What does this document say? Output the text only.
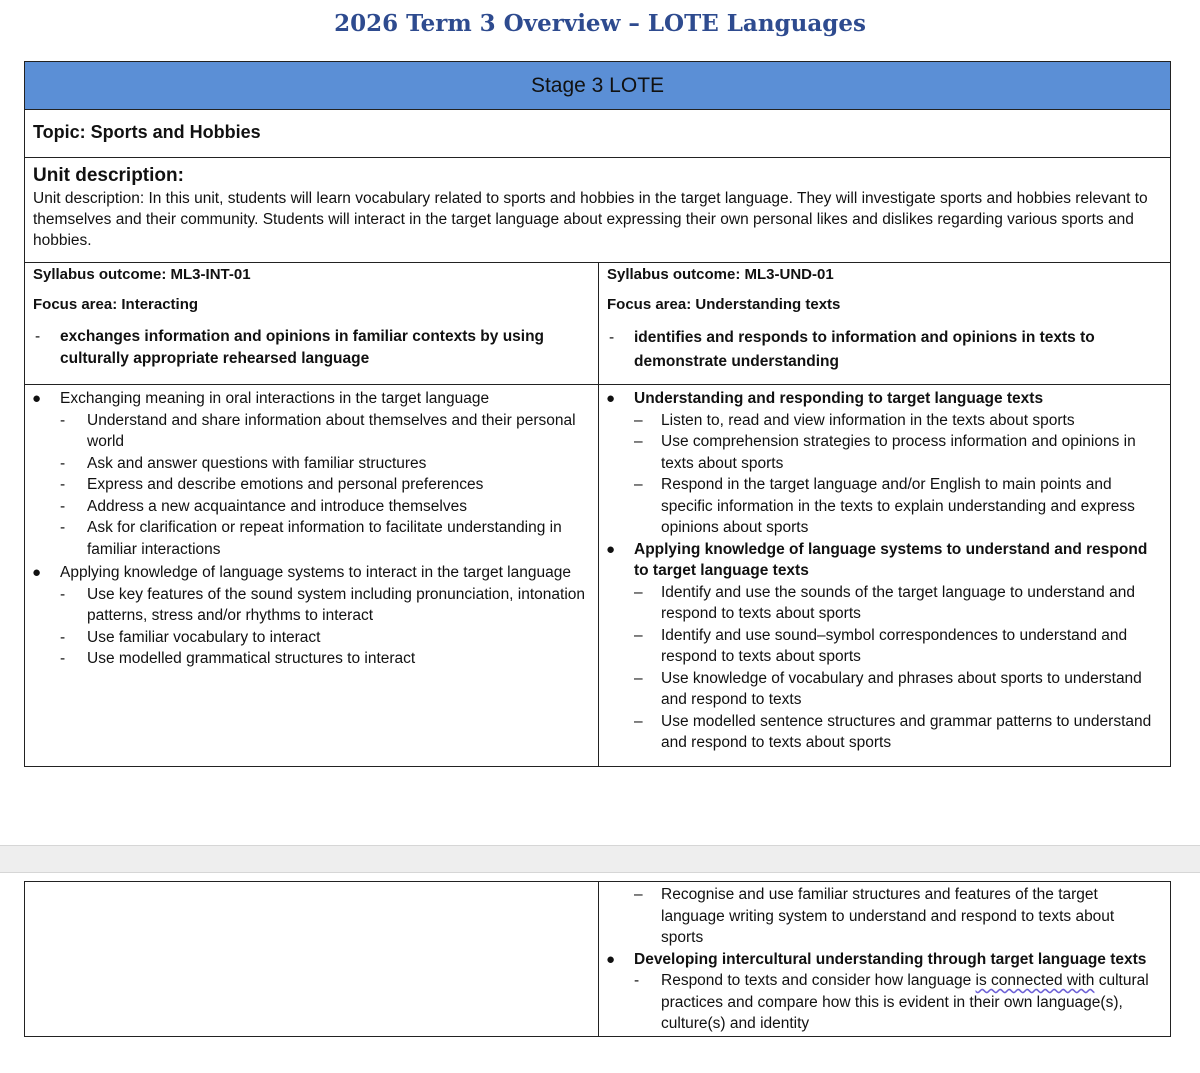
2026 Term 3 Overview – LOTE Languages
Stage 3 LOTE
Topic: Sports and Hobbies
Unit description:
Unit description: In this unit, students will learn vocabulary related to sports and hobbies in the target language. They will investigate sports and hobbies relevant to themselves and their community. Students will interact in the target language about expressing their own personal likes and dislikes regarding various sports and hobbies.
Syllabus outcome: ML3-INT-01
Focus area: Interacting
- exchanges information and opinions in familiar contexts by using culturally appropriate rehearsed language
Syllabus outcome: ML3-UND-01
Focus area: Understanding texts
- identifies and responds to information and opinions in texts to demonstrate understanding
● Exchanging meaning in oral interactions in the target language
- Understand and share information about themselves and their personal world
- Ask and answer questions with familiar structures
- Express and describe emotions and personal preferences
- Address a new acquaintance and introduce themselves
- Ask for clarification or repeat information to facilitate understanding in familiar interactions
● Applying knowledge of language systems to interact in the target language
- Use key features of the sound system including pronunciation, intonation patterns, stress and/or rhythms to interact
- Use familiar vocabulary to interact
- Use modelled grammatical structures to interact
● Understanding and responding to target language texts
– Listen to, read and view information in the texts about sports
– Use comprehension strategies to process information and opinions in texts about sports
– Respond in the target language and/or English to main points and specific information in the texts to explain understanding and express opinions about sports
● Applying knowledge of language systems to understand and respond to target language texts
– Identify and use the sounds of the target language to understand and respond to texts about sports
– Identify and use sound–symbol correspondences to understand and respond to texts about sports
– Use knowledge of vocabulary and phrases about sports to understand and respond to texts
– Use modelled sentence structures and grammar patterns to understand and respond to texts about sports
– Recognise and use familiar structures and features of the target language writing system to understand and respond to texts about sports
● Developing intercultural understanding through target language texts
- Respond to texts and consider how language is connected with cultural practices and compare how this is evident in their own language(s), culture(s) and identity
